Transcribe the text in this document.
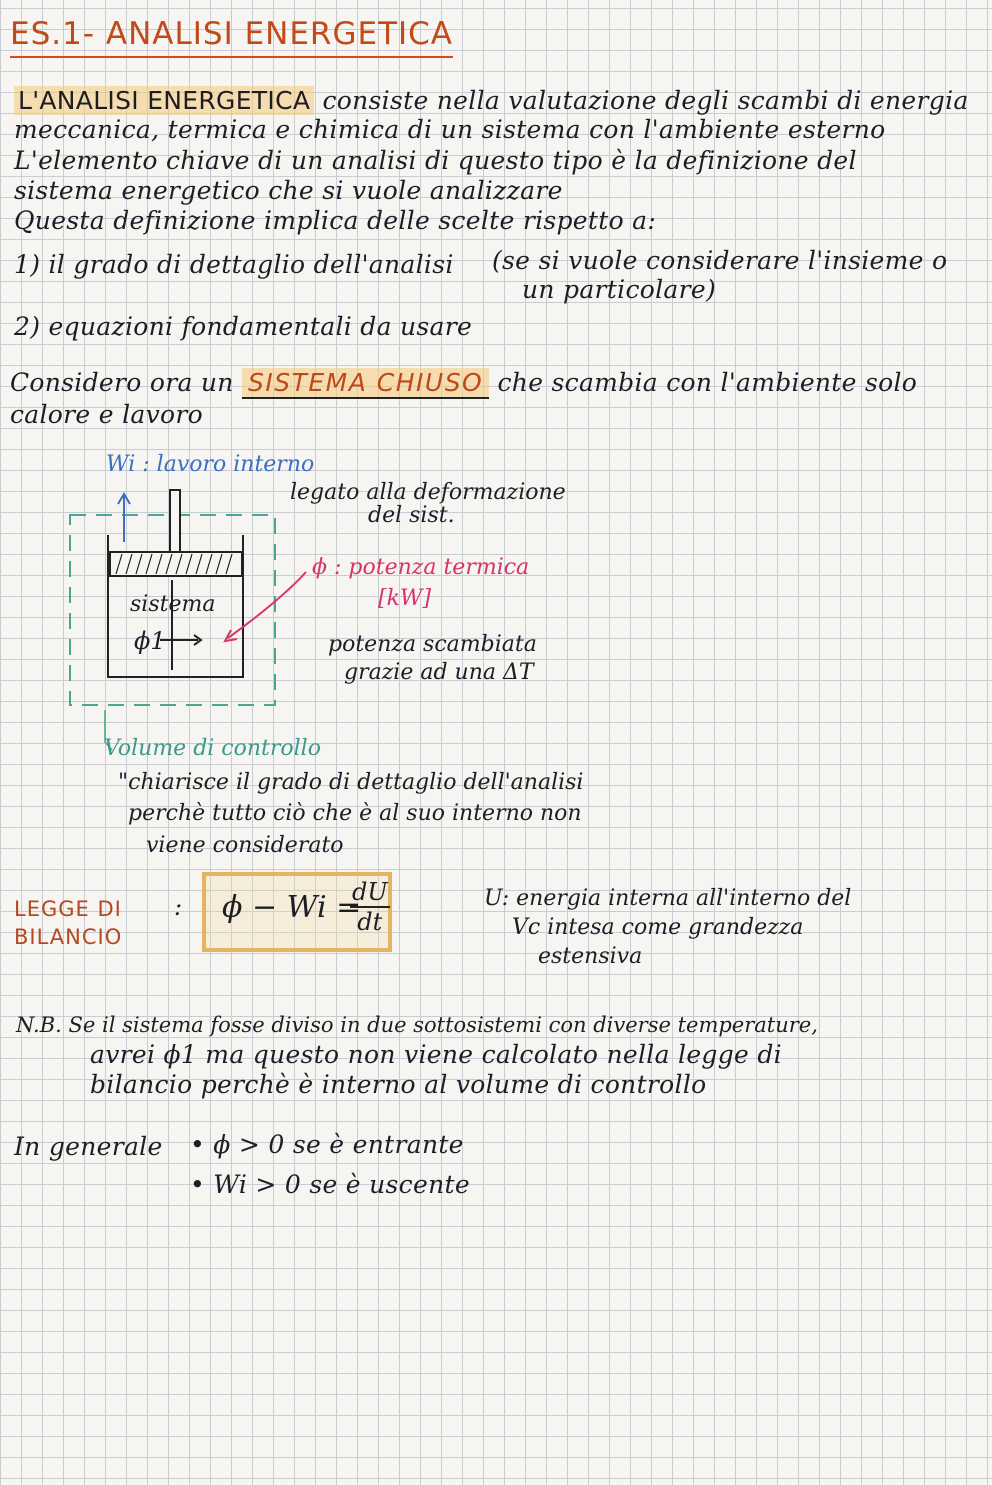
ES.1- ANALISI ENERGETICA
L'ANALISI ENERGETICA consiste nella valutazione degli scambi di energia
meccanica, termica e chimica di un sistema con l'ambiente esterno
L'elemento chiave di un analisi di questo tipo è la definizione del
sistema energetico che si vuole analizzare
Questa definizione implica delle scelte rispetto a:
1) il grado di dettaglio dell'analisi (se si vuole considerare l'insieme o
un particolare)
2) equazioni fondamentali da usare
Considero ora un SISTEMA CHIUSO che scambia con l'ambiente solo
calore e lavoro
Wi : lavoro interno
legato alla deformazione
del sist.
ϕ : potenza termica
[kW]
potenza scambiata
grazie ad una ΔT
sistema
ϕ1
Volume di controllo
"chiarisce il grado di dettaglio dell'analisi
perchè tutto ciò che è al suo interno non
viene considerato
LEGGE DI
BILANCIO
: ϕ − Wi =
$\frac{dU}{dt}$	U: energia interna all'interno del
Vc intesa come grandezza
estensiva
N.B. Se il sistema fosse diviso in due sottosistemi con diverse temperature,
avrei ϕ1 ma questo non viene calcolato nella legge di
bilancio perchè è interno al volume di controllo
In generale • ϕ > 0 se è entrante
• Wi > 0 se è uscente
